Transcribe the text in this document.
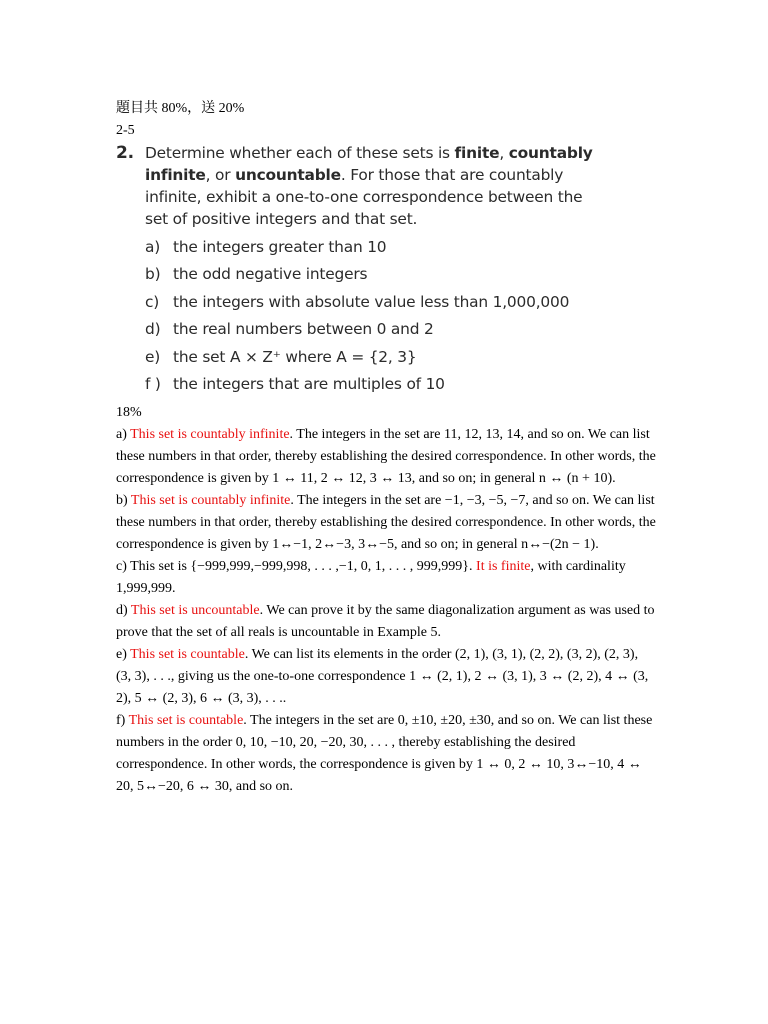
題目共 80%，送 20%

2-5

2. Determine whether each of these sets is finite, countably infinite, or uncountable. For those that are countably infinite, exhibit a one-to-one correspondence between the set of positive integers and that set.
a) the integers greater than 10
b) the odd negative integers
c) the integers with absolute value less than 1,000,000
d) the real numbers between 0 and 2
e) the set A × Z⁺ where A = {2, 3}
f ) the integers that are multiples of 10

18%

a) This set is countably infinite. The integers in the set are 11, 12, 13, 14, and so on. We can list these numbers in that order, thereby establishing the desired correspondence. In other words, the correspondence is given by 1 ↔ 11, 2 ↔ 12, 3 ↔ 13, and so on; in general n ↔ (n + 10).

b) This set is countably infinite. The integers in the set are −1, −3, −5, −7, and so on. We can list these numbers in that order, thereby establishing the desired correspondence. In other words, the correspondence is given by 1↔−1, 2↔−3, 3↔−5, and so on; in general n↔−(2n − 1).

c) This set is {−999,999,−999,998, . . . ,−1, 0, 1, . . . , 999,999}. It is finite, with cardinality 1,999,999.

d) This set is uncountable. We can prove it by the same diagonalization argument as was used to prove that the set of all reals is uncountable in Example 5.

e) This set is countable. We can list its elements in the order (2, 1), (3, 1), (2, 2), (3, 2), (2, 3), (3, 3), . . ., giving us the one-to-one correspondence 1 ↔ (2, 1), 2 ↔ (3, 1), 3 ↔ (2, 2), 4 ↔ (3, 2), 5 ↔ (2, 3), 6 ↔ (3, 3), . . ..

f) This set is countable. The integers in the set are 0, ±10, ±20, ±30, and so on. We can list these numbers in the order 0, 10, −10, 20, −20, 30, . . . , thereby establishing the desired correspondence. In other words, the correspondence is given by 1 ↔ 0, 2 ↔ 10, 3↔−10, 4 ↔ 20, 5↔−20, 6 ↔ 30, and so on.
